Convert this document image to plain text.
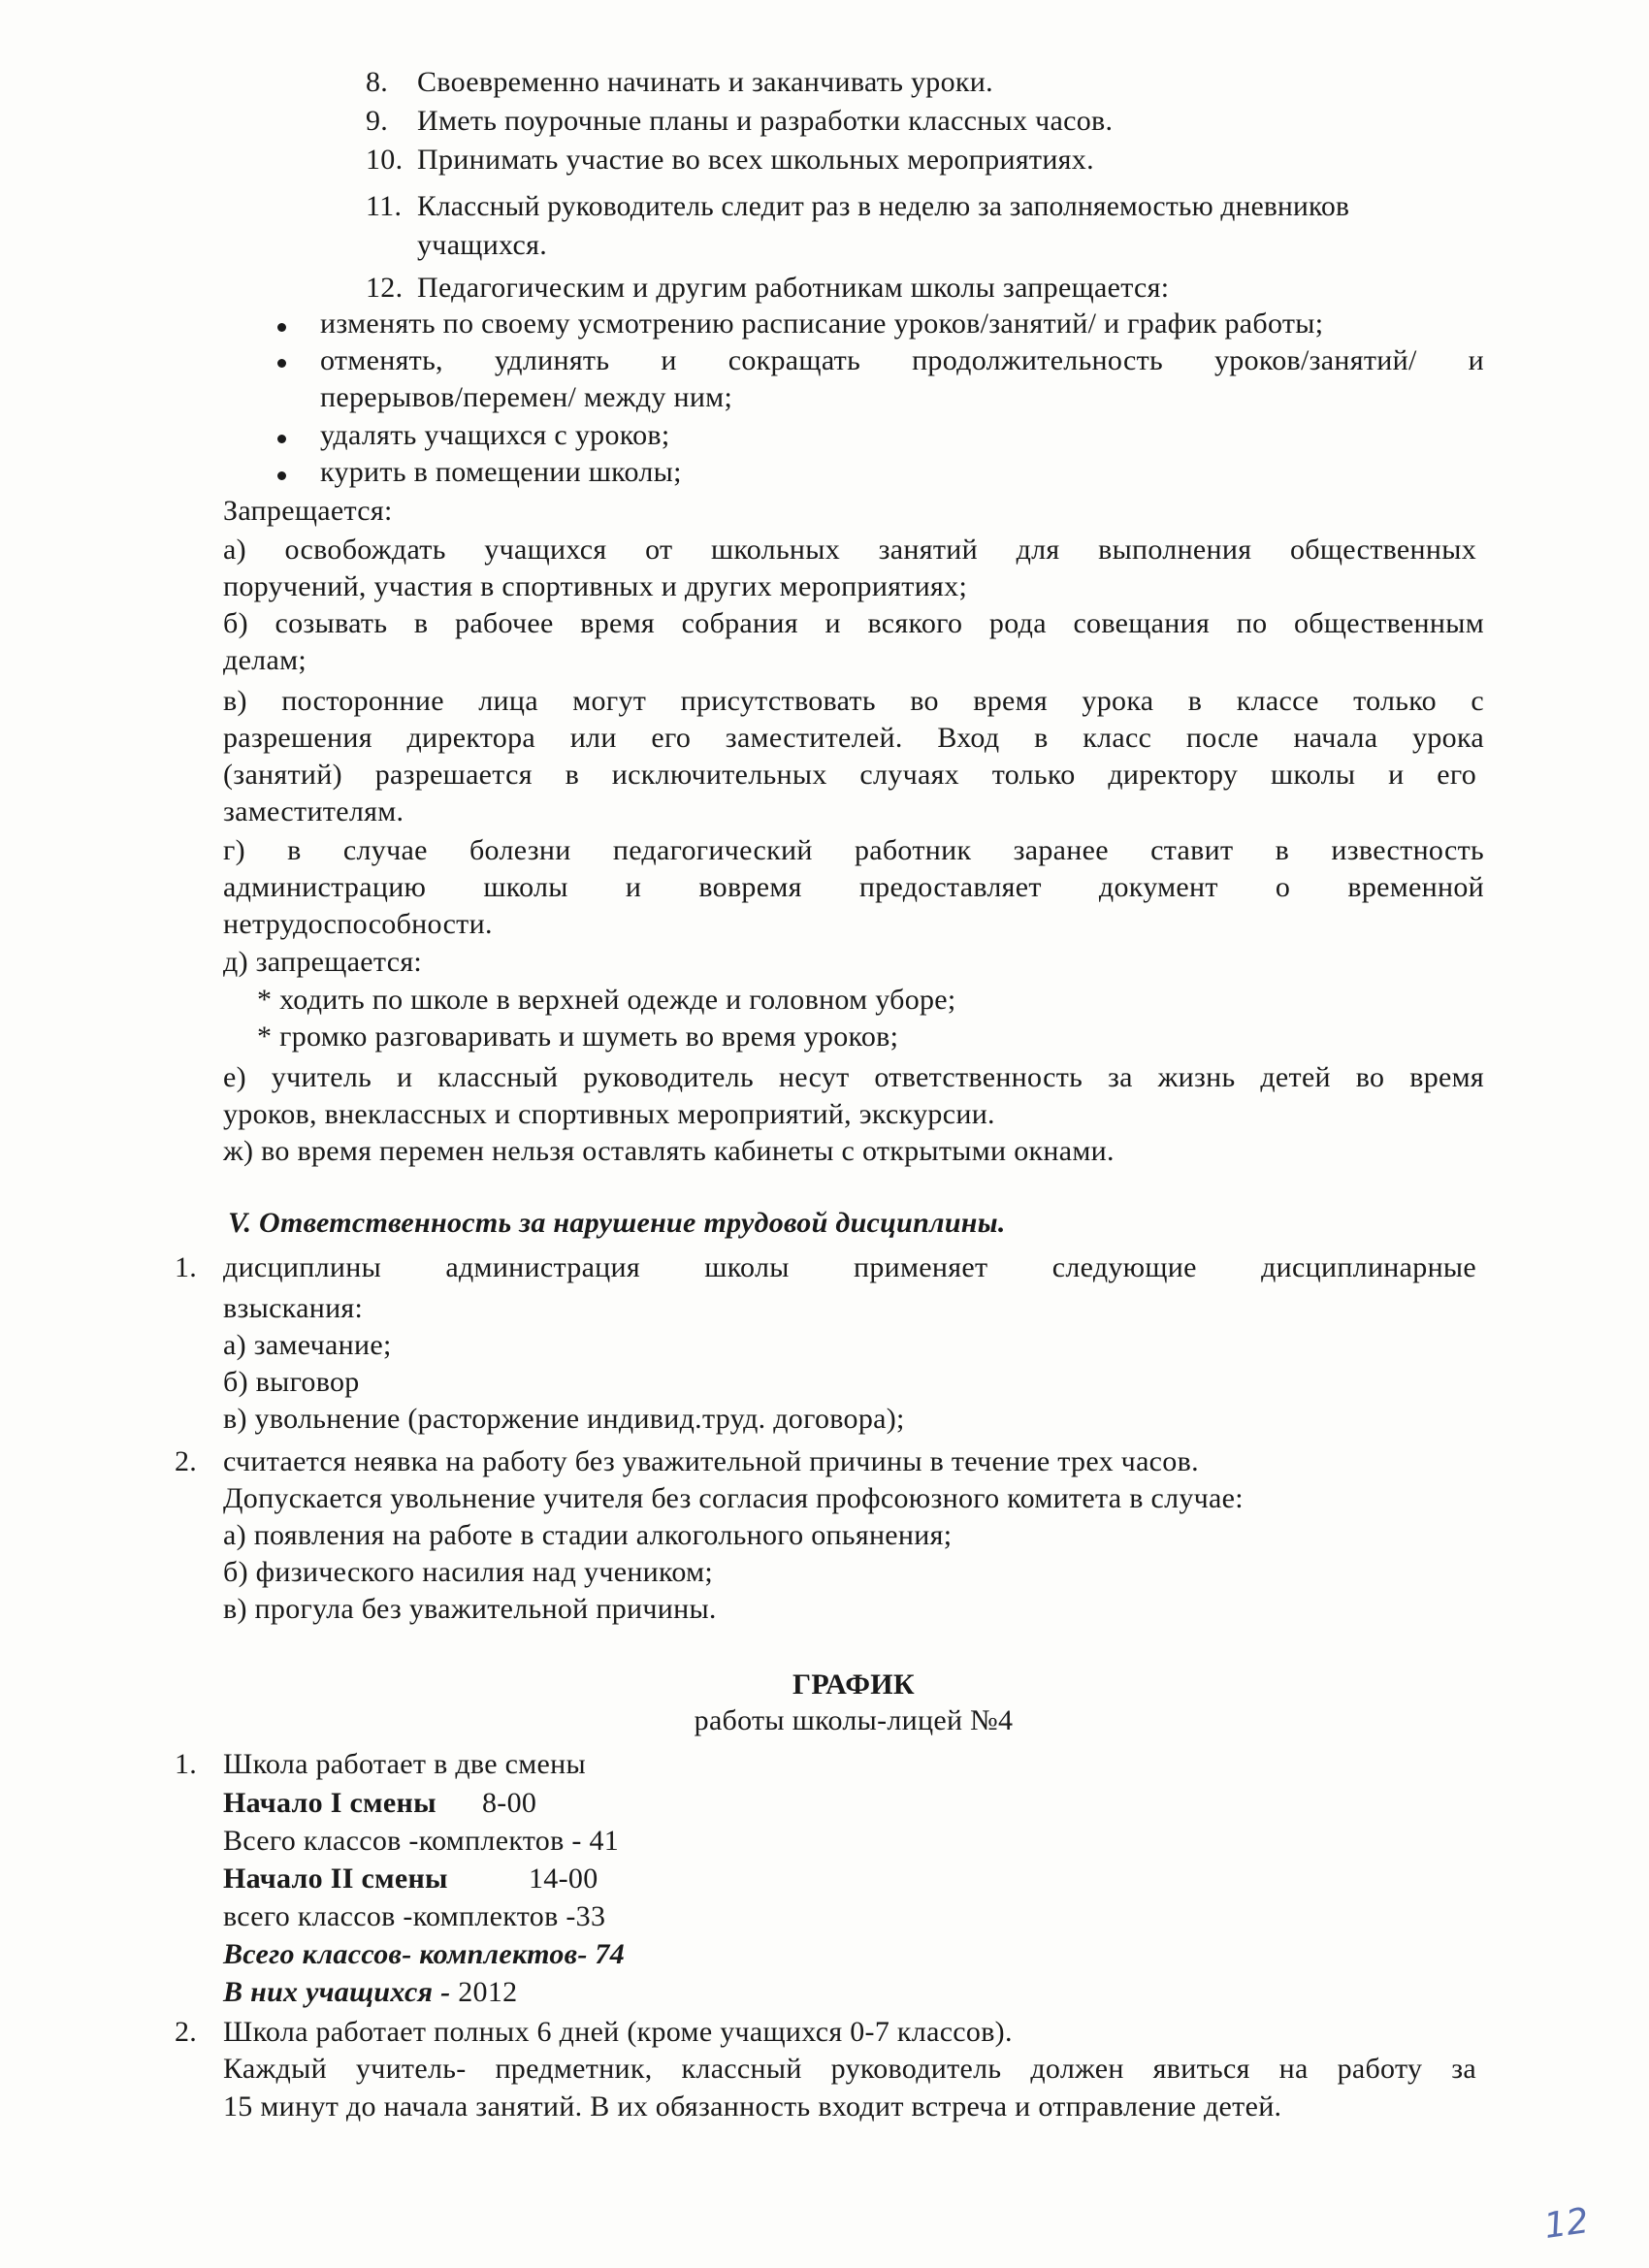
8. Своевременно начинать и заканчивать уроки.
9. Иметь поурочные планы и разработки классных часов.
10. Принимать участие во всех школьных мероприятиях.
11. Классный руководитель следит раз в неделю за заполняемостью дневников
учащихся.
12. Педагогическим и другим работникам школы запрещается:
изменять по своему усмотрению расписание уроков/занятий/ и график работы;
отменять, удлинять и сокращать продолжительность уроков/занятий/ и
перерывов/перемен/ между ним;
удалять учащихся с уроков;
курить в помещении школы;
Запрещается:
а) освобождать учащихся от школьных занятий для выполнения общественных
поручений, участия в спортивных и других мероприятиях;
б) созывать в рабочее время собрания и всякого рода совещания по общественным
делам;
в) посторонние лица могут присутствовать во время урока в классе только с
разрешения директора или его заместителей. Вход в класс после начала урока
(занятий) разрешается в исключительных случаях только директору школы и его
заместителям.
г) в случае болезни педагогический работник заранее ставит в известность
администрацию школы и вовремя предоставляет документ о временной
нетрудоспособности.
д) запрещается:
* ходить по школе в верхней одежде и головном уборе;
* громко разговаривать и шуметь во время уроков;
е) учитель и классный руководитель несут ответственность за жизнь детей во время
уроков, внеклассных и спортивных мероприятий, экскурсии.
ж) во время перемен нельзя оставлять кабинеты с открытыми окнами.
V. Ответственность за нарушение трудовой дисциплины.
1. дисциплины администрация школы применяет следующие дисциплинарные
взыскания:
а) замечание;
б) выговор
в) увольнение (расторжение индивид.труд. договора);
2. считается неявка на работу без уважительной причины в течение трех часов.
Допускается увольнение учителя без согласия профсоюзного комитета в случае:
а) появления на работе в стадии алкогольного опьянения;
б) физического насилия над учеником;
в) прогула без уважительной причины.
ГРАФИК
работы школы-лицей №4
1. Школа работает в две смены
Начало I смены 8-00
Всего классов -комплектов - 41
Начало II смены	14-00
всего классов -комплектов -33
Всего классов- комплектов- 74
В них учащихся - 2012
2. Школа работает полных 6 дней (кроме учащихся 0-7 классов).
Каждый учитель- предметник, классный руководитель должен явиться на работу за
15 минут до начала занятий. В их обязанность входит встреча и отправление детей.
12
